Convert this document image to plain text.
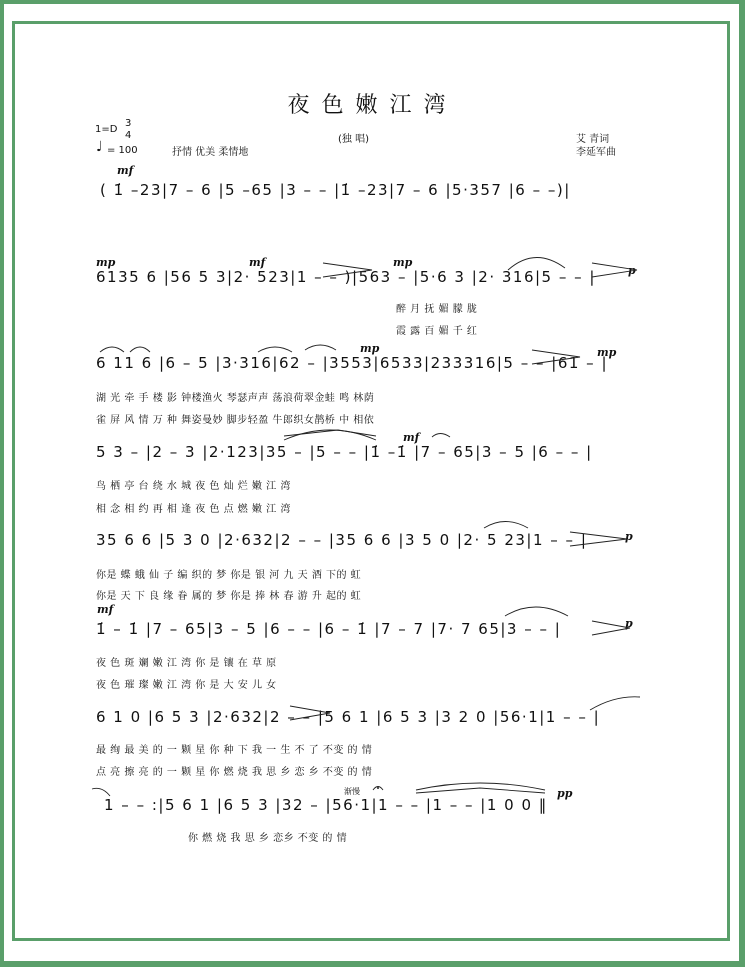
夜色嫩江湾
1=D
3
4
♩ = 100	抒情 优美 柔情地
(独 唱)	艾 青词
李延军曲
mf
mp	mf	mp
p
mp	mp
mf
p
mf
p
pp
渐慢
( 1̇ –23|7 – 6 |5 –65 |3 – – |1̇ –23|7 – 6 |5·357 |6 – –)|
6135 6 |56 5 3|2· 523|1 – – )|563 – |5·6 3 |2· 316|5 – – |
醉 月 抚 媚 朦 胧
霞 露 百 媚 千 红
6 11 6 |6 – 5 |3·316|62 – |3553|6533|233316|5 – – |61 – |
湖 光 牵 手 楼 影 钟楼渔火 琴瑟声声 荡浪荷翠金蛙 鸣 林荫
雀 屏 风 情 万 种 舞姿曼妙 脚步轻盈 牛郎织女鹊桥 中 相依
5 3 – |2 – 3 |2·123|35 – |5 – – |1̇ –1̇ |7 – 65|3 – 5 |6 – – |
鸟 栖 亭 台 绕 水 城 夜 色 灿 烂 嫩 江 湾
相 念 相 约 再 相 逢 夜 色 点 燃 嫩 江 湾
35 6 6 |5 3 0 |2·632|2 – – |35 6 6 |3 5 0 |2· 5 23|1 – – |
你是 蝶 蛾 仙 子 编 织的 梦 你是 银 河 九 天 酒 下的 虹
你是 天 下 良 缘 眷 属的 梦 你是 捧 林 春 游 升 起的 虹
1̇ – 1̇ |7 – 65|3 – 5 |6 – – |6 – 1̇ |7 – 7 |7· 7 65|3 – – |
夜 色 斑 斓 嫩 江 湾 你 是 镶 在 草 原
夜 色 璀 璨 嫩 江 湾 你 是 大 安 儿 女
6 1 0 |6 5 3 |2·632|2 – – |5 6 1 |6 5 3 |3 2 0 |56·1|1 – – |
最 绚 最 美 的 一 颗 星 你 种 下 我 一 生 不 了 不变 的 情
点 亮 擦 亮 的 一 颗 星 你 燃 烧 我 思 乡 恋 乡 不变 的 情
1 – – :|5 6 1 |6 5 3 |32 – |56·1|1 – – |1 – – |1 0 0 ‖
你 燃 烧 我 思 乡 恋乡 不变 的 情
